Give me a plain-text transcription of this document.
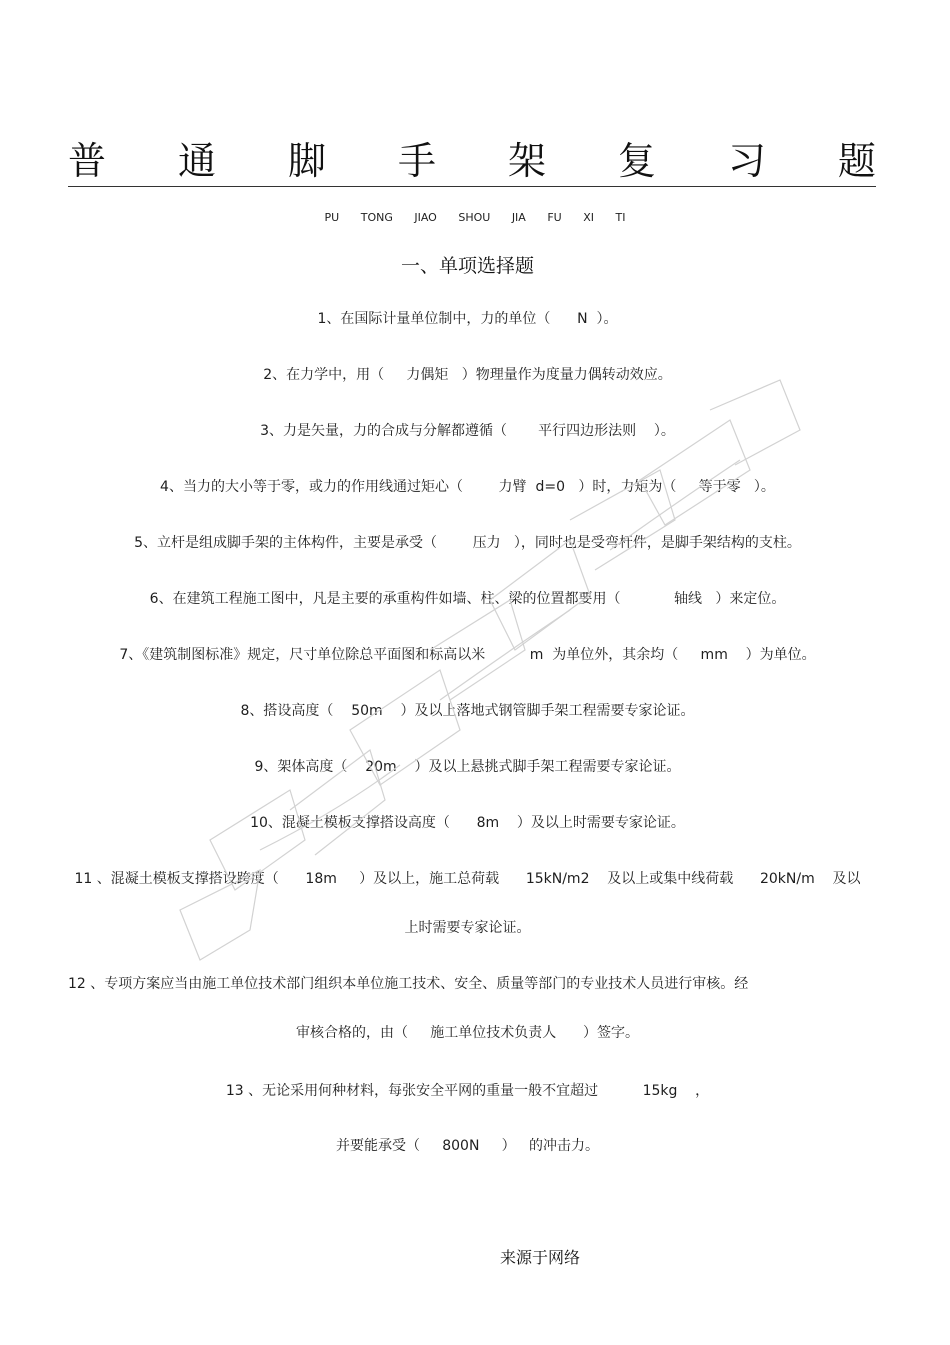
普 通 脚 手 架 复 习 题
PU TONG JIAO SHOU JIA FU XI TI
一、单项选择题
1、在国际计量单位制中，力的单位（      N  ）。
2、在力学中，用（     力偶矩   ）物理量作为度量力偶转动效应。
3、力是矢量，力的合成与分解都遵循（       平行四边形法则    ）。
4、当力的大小等于零，或力的作用线通过矩心（        力臂  d=0   ）时，力矩为（     等于零   ）。
5、立杆是组成脚手架的主体构件，主要是承受（        压力   ），同时也是受弯杆件，是脚手架结构的支柱。
6、在建筑工程施工图中，凡是主要的承重构件如墙、柱、梁的位置都要用（            轴线   ）来定位。
7、《建筑制图标准》规定，尺寸单位除总平面图和标高以米          m  为单位外，其余均（     mm    ）为单位。
8、搭设高度（    50m    ）及以上落地式钢管脚手架工程需要专家论证。
9、架体高度（    20m    ）及以上悬挑式脚手架工程需要专家论证。
10、混凝土模板支撑搭设高度（      8m    ）及以上时需要专家论证。
11 、混凝土模板支撑搭设跨度（      18m     ）及以上，施工总荷载      15kN/m2    及以上或集中线荷载      20kN/m    及以
上时需要专家论证。
12 、专项方案应当由施工单位技术部门组织本单位施工技术、安全、质量等部门的专业技术人员进行审核。经
审核合格的，由（     施工单位技术负责人      ）签字。
13 、无论采用何种材料，每张安全平网的重量一般不宜超过          15kg    ，
并要能承受（     800N     ）   的冲击力。
来源于网络
